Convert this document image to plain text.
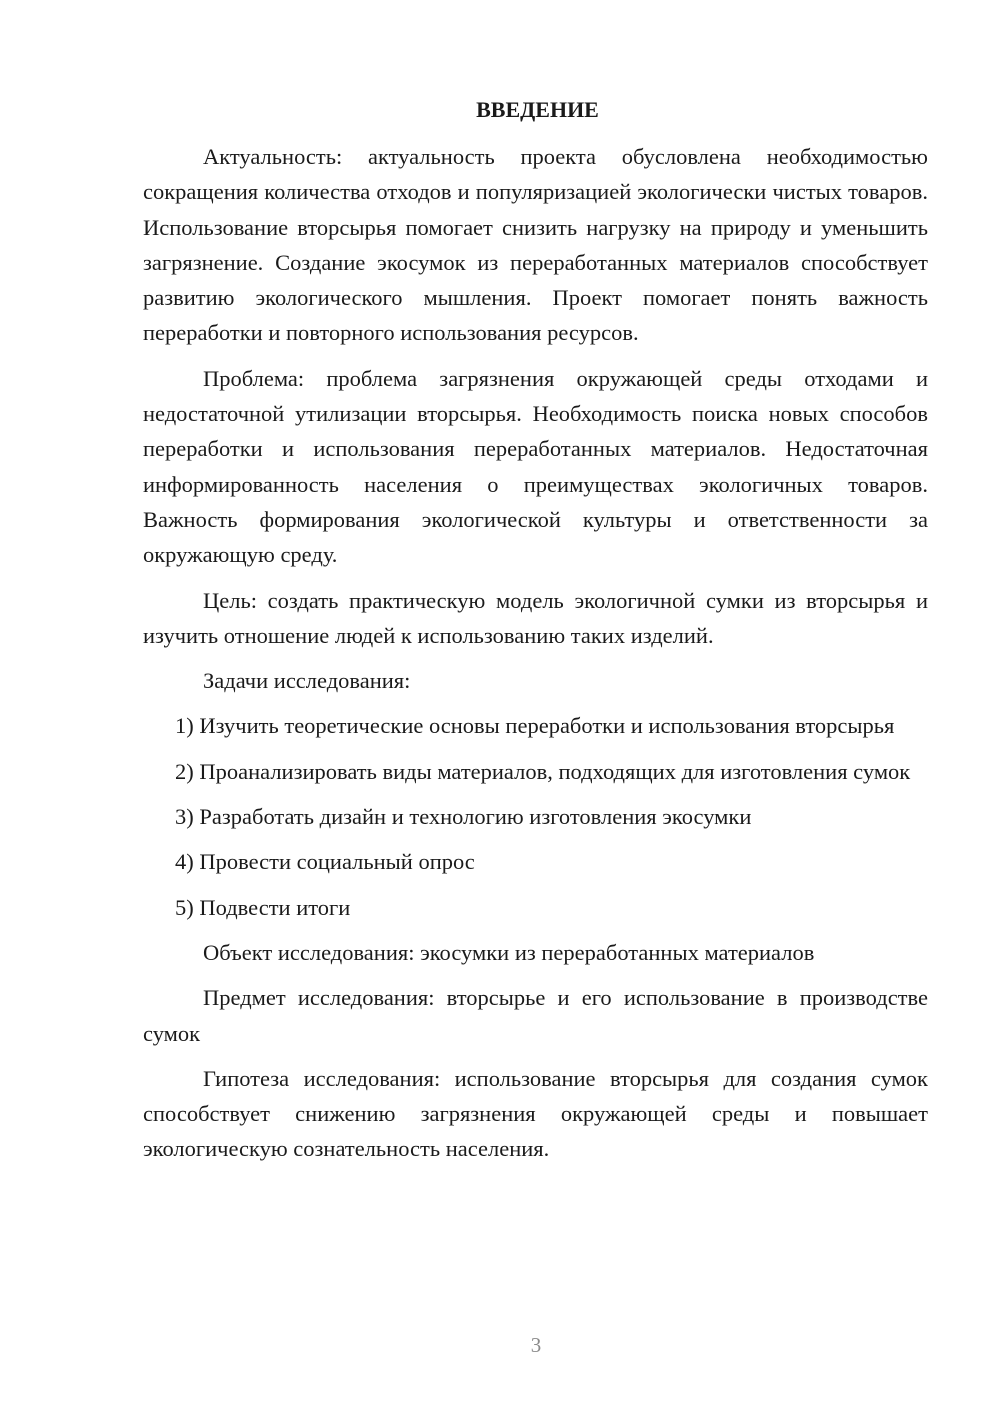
ВВЕДЕНИЕ

Актуальность: актуальность проекта обусловлена необходимостью сокращения количества отходов и популяризацией экологически чистых товаров. Использование вторсырья помогает снизить нагрузку на природу и уменьшить загрязнение. Создание экосумок из переработанных материалов способствует развитию экологического мышления. Проект помогает понять важность переработки и повторного использования ресурсов.

Проблема: проблема загрязнения окружающей среды отходами и недостаточной утилизации вторсырья. Необходимость поиска новых способов переработки и использования переработанных материалов. Недостаточная информированность населения о преимуществах экологичных товаров. Важность формирования экологической культуры и ответственности за окружающую среду.

Цель: создать практическую модель экологичной сумки из вторсырья и изучить отношение людей к использованию таких изделий.

Задачи исследования:

1) Изучить теоретические основы переработки и использования вторсырья

2) Проанализировать виды материалов, подходящих для изготовления сумок

3) Разработать дизайн и технологию изготовления экосумки

4) Провести социальный опрос

5) Подвести итоги

Объект исследования: экосумки из переработанных материалов

Предмет исследования: вторсырье и его использование в производстве сумок

Гипотеза исследования: использование вторсырья для создания сумок способствует снижению загрязнения окружающей среды и повышает экологическую сознательность населения.

3
